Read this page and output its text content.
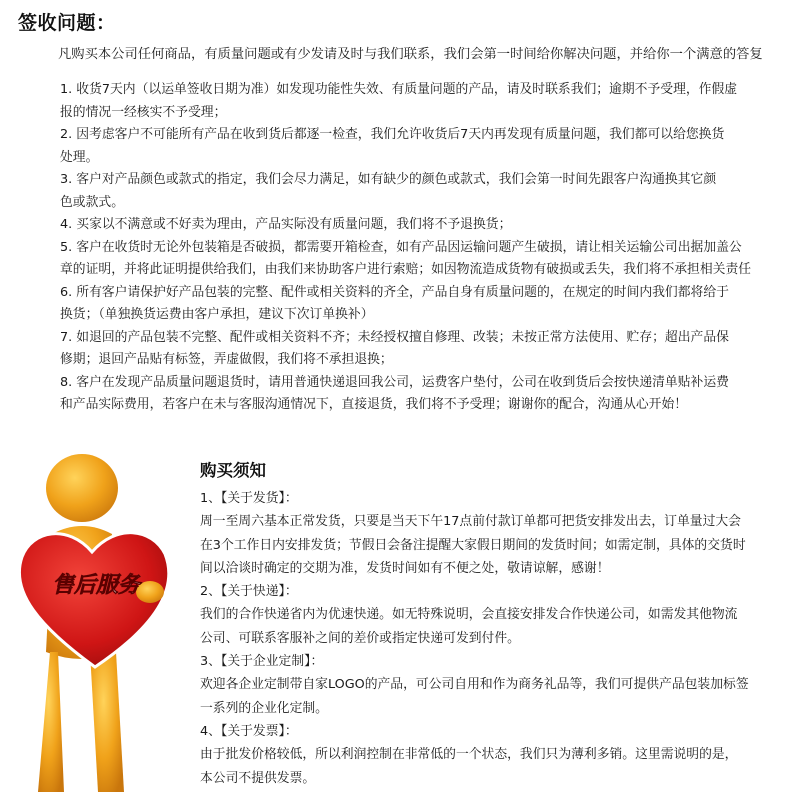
签收问题：
凡购买本公司任何商品，有质量问题或有少发请及时与我们联系，我们会第一时间给你解决问题，并给你一个满意的答复

1. 收货7天内（以运单签收日期为准）如发现功能性失效、有质量问题的产品，请及时联系我们；逾期不予受理，作假虚

报的情况一经核实不予受理；

2. 因考虑客户不可能所有产品在收到货后都逐一检查，我们允许收货后7天内再发现有质量问题，我们都可以给您换货

处理。

3. 客户对产品颜色或款式的指定，我们会尽力满足，如有缺少的颜色或款式，我们会第一时间先跟客户沟通换其它颜

色或款式。

4. 买家以不满意或不好卖为理由，产品实际没有质量问题，我们将不予退换货；

5. 客户在收货时无论外包装箱是否破损，都需要开箱检查，如有产品因运输问题产生破损，请让相关运输公司出据加盖公

章的证明，并将此证明提供给我们，由我们来协助客户进行索赔；如因物流造成货物有破损或丢失，我们将不承担相关责任

6. 所有客户请保护好产品包装的完整、配件或相关资料的齐全，产品自身有质量问题的，在规定的时间内我们都将给于

换货；（单独换货运费由客户承担，建议下次订单换补）

7. 如退回的产品包装不完整、配件或相关资料不齐；未经授权擅自修理、改装；未按正常方法使用、贮存；超出产品保

修期；退回产品贴有标签，弄虚做假，我们将不承担退换；

8. 客户在发现产品质量问题退货时，请用普通快递退回我公司，运费客户垫付，公司在收到货后会按快递清单贴补运费

和产品实际费用，若客户在未与客服沟通情况下，直接退货，我们将不予受理；谢谢你的配合，沟通从心开始！

售后服务
购买须知

1、【关于发货】：

周一至周六基本正常发货，只要是当天下午17点前付款订单都可把货安排发出去，订单量过大会

在3个工作日内安排发货；节假日会备注提醒大家假日期间的发货时间；如需定制，具体的交货时

间以洽谈时确定的交期为准，发货时间如有不便之处，敬请谅解，感谢！

2、【关于快递】：

我们的合作快递省内为优速快递。如无特殊说明，会直接安排发合作快递公司，如需发其他物流

公司、可联系客服补之间的差价或指定快递可发到付件。

3、【关于企业定制】：

欢迎各企业定制带自家LOGO的产品，可公司自用和作为商务礼品等，我们可提供产品包装加标签

一系列的企业化定制。

4、【关于发票】：

由于批发价格较低，所以利润控制在非常低的一个状态，我们只为薄利多销。这里需说明的是，

本公司不提供发票。
